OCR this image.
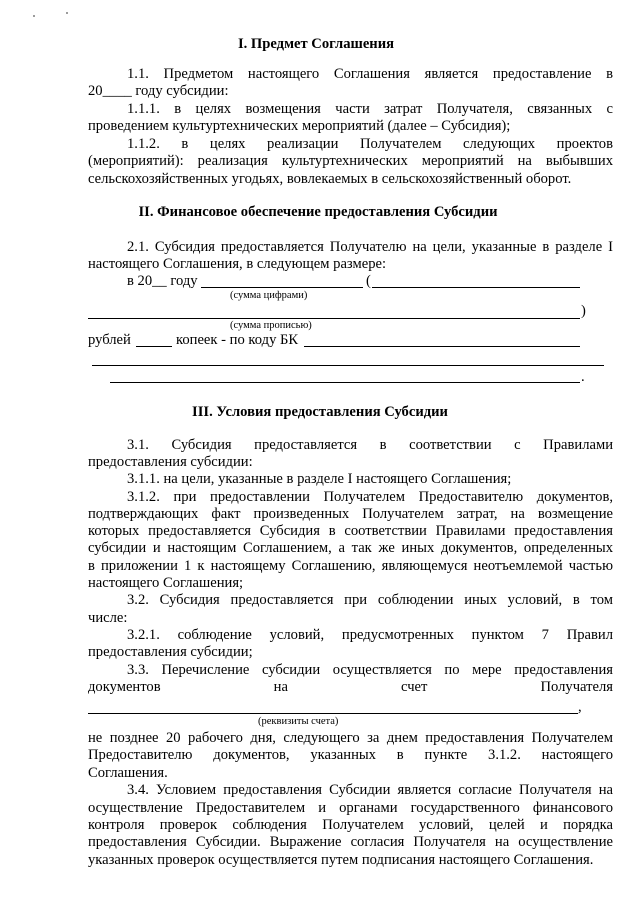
I. Предмет Соглашения
1.1. Предметом настоящего Соглашения является предоставление в
20____ году субсидии:
1.1.1. в целях возмещения части затрат Получателя, связанных с
проведением культуртехнических мероприятий (далее – Субсидия);
1.1.2. в целях реализации Получателем следующих проектов
(мероприятий): реализация культуртехнических мероприятий на выбывших
сельскохозяйственных угодьях, вовлекаемых в сельскохозяйственный оборот.
II. Финансовое обеспечение предоставления Субсидии
2.1. Субсидия предоставляется Получателю на цели, указанные в разделе I
настоящего Соглашения, в следующем размере:
в 20__ году	(
(сумма цифрами)
)
(сумма прописью)
рублей	копеек - по коду БК
.
III. Условия предоставления Субсидии
3.1. Субсидия предоставляется в соответствии с Правилами
предоставления субсидии:
3.1.1. на цели, указанные в разделе I настоящего Соглашения;
3.1.2. при предоставлении Получателем Предоставителю документов,
подтверждающих факт произведенных Получателем затрат, на возмещение
которых предоставляется Субсидия в соответствии Правилами предоставления
субсидии и настоящим Соглашением, а так же иных документов, определенных
в приложении 1 к настоящему Соглашению, являющемуся неотъемлемой частью
настоящего Соглашения;
3.2. Субсидия предоставляется при соблюдении иных условий, в том
числе:
3.2.1. соблюдение условий, предусмотренных пунктом 7 Правил
предоставления субсидии;
3.3. Перечисление субсидии осуществляется по мере предоставления
документов на счет Получателя
,
(реквизиты счета)
не позднее 20 рабочего дня, следующего за днем предоставления Получателем
Предоставителю документов, указанных в пункте 3.1.2. настоящего
Соглашения.
3.4. Условием предоставления Субсидии является согласие Получателя на
осуществление Предоставителем и органами государственного финансового
контроля проверок соблюдения Получателем условий, целей и порядка
предоставления Субсидии. Выражение согласия Получателя на осуществление
указанных проверок осуществляется путем подписания настоящего Соглашения.
